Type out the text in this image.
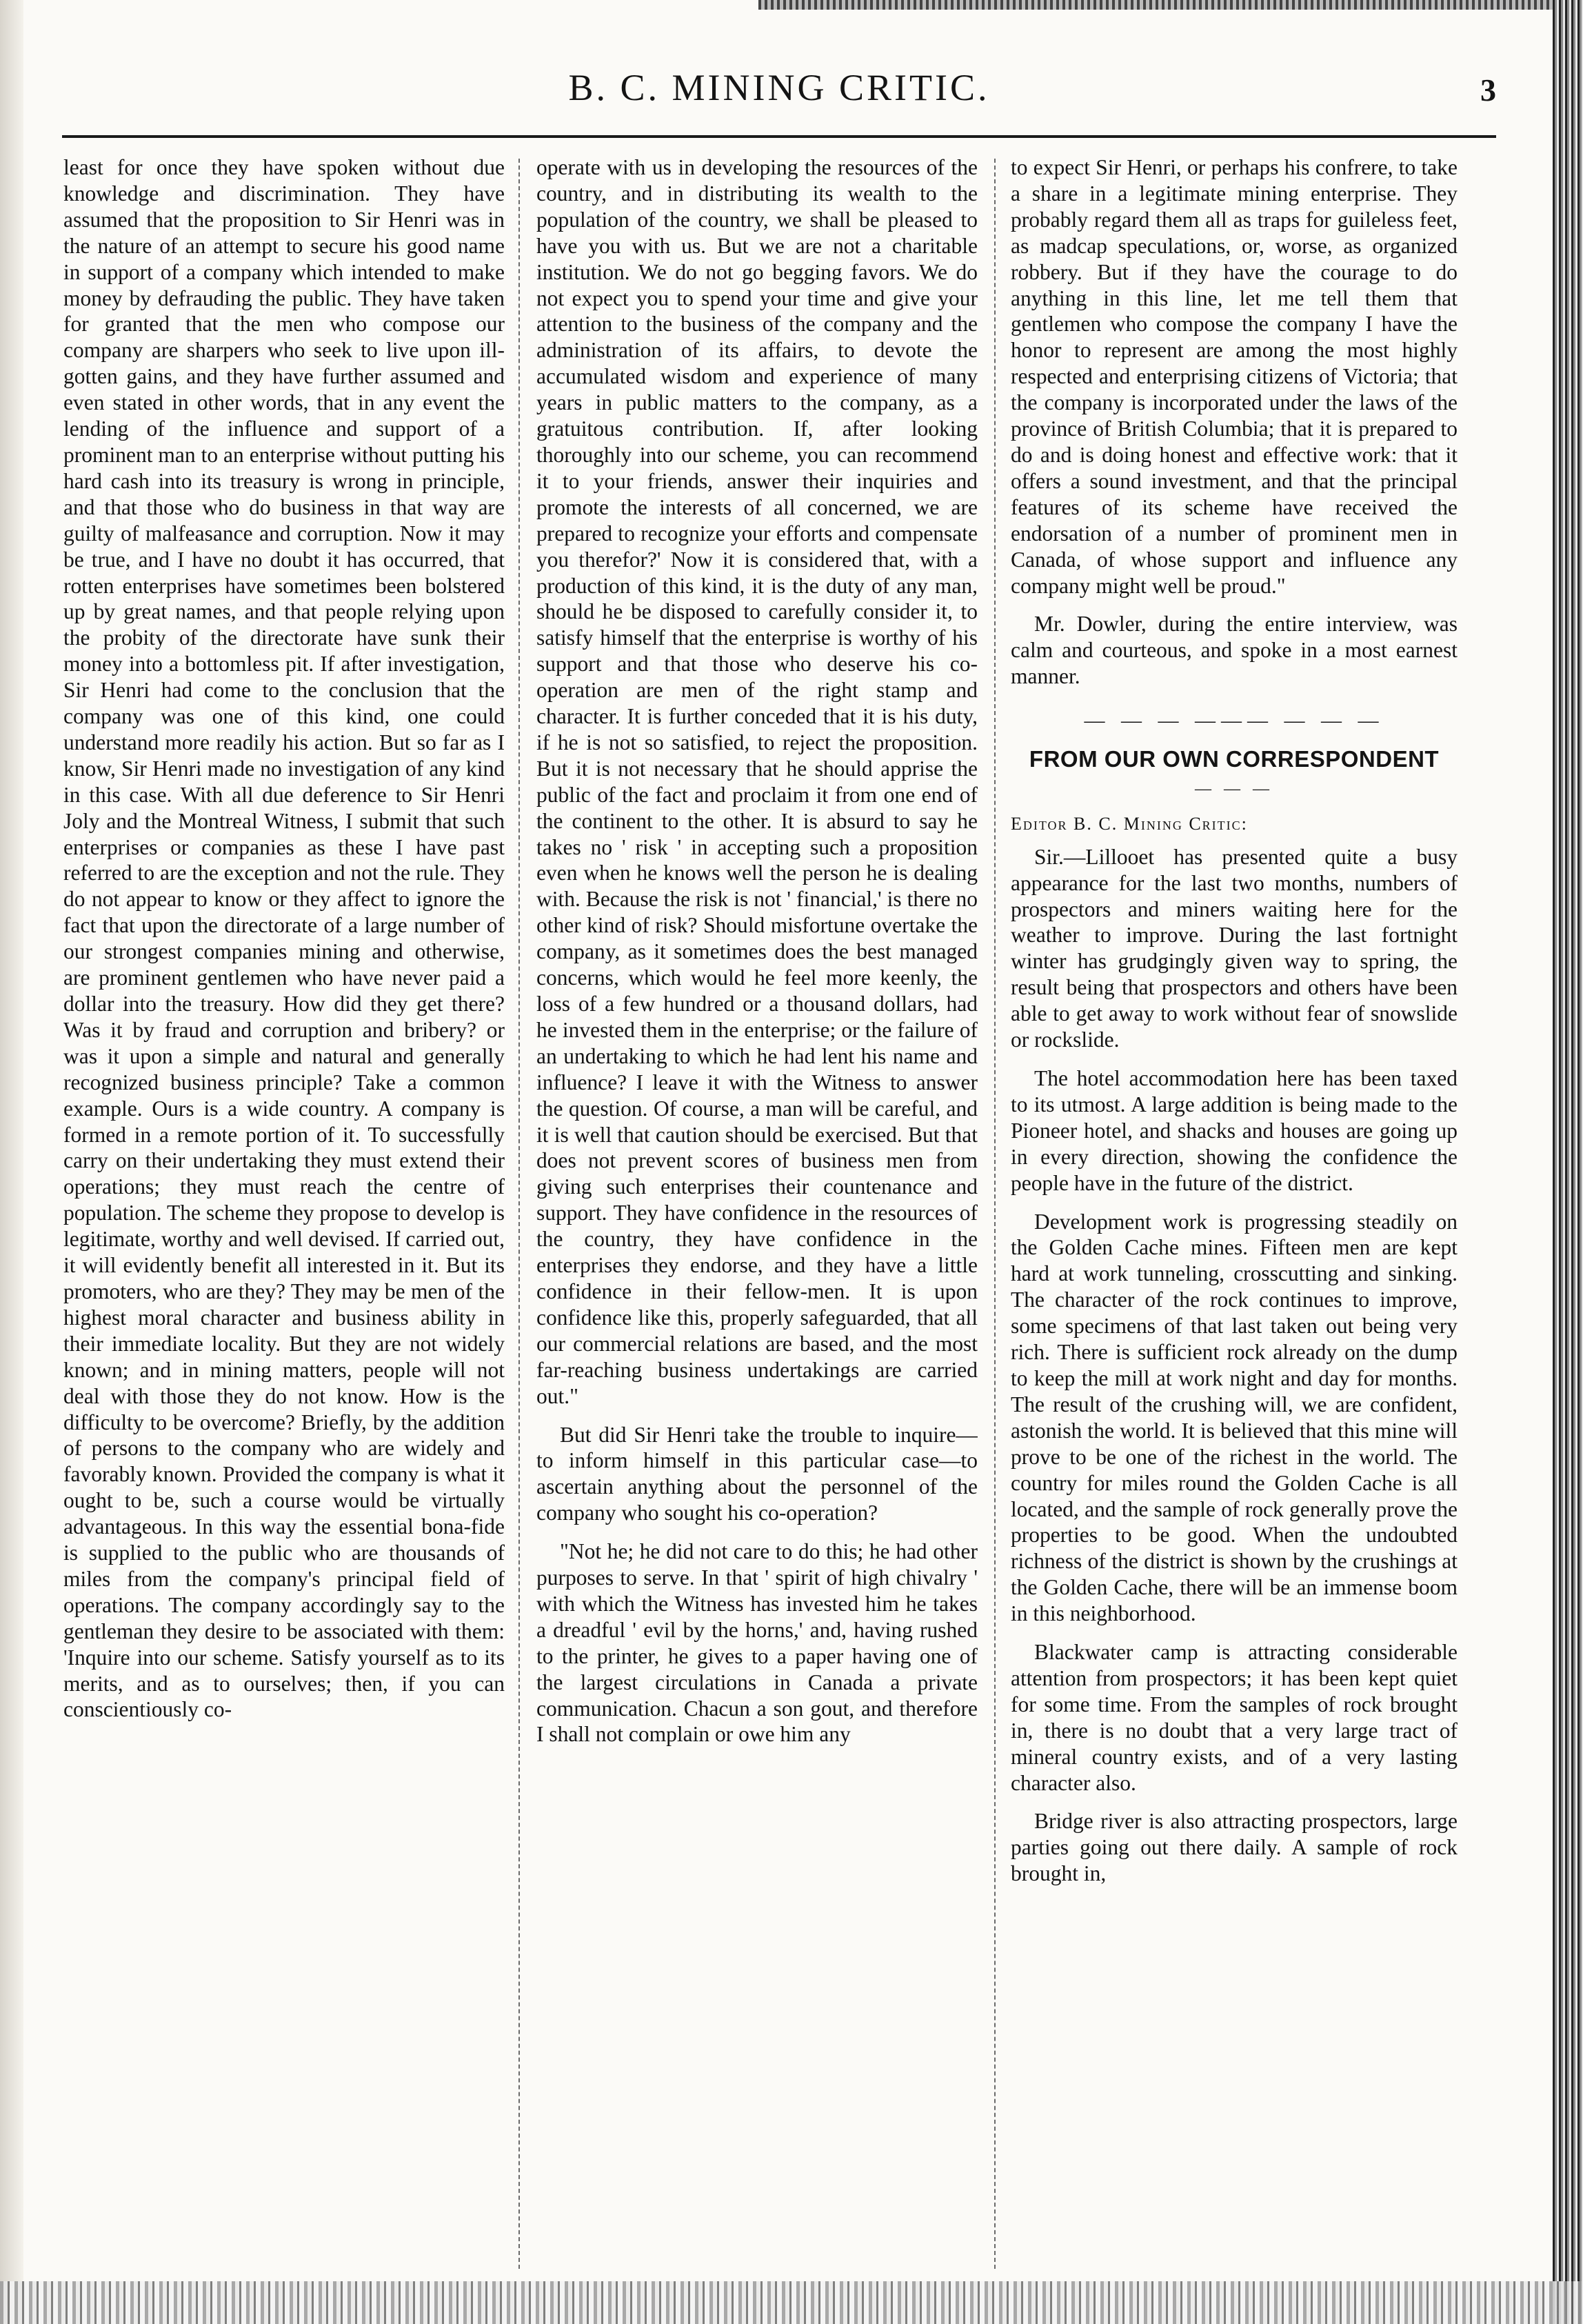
B. C. MINING CRITIC.	3

least for once they have spoken without due knowledge and discrimination. They have assumed that the proposition to Sir Henri was in the nature of an attempt to secure his good name in support of a company which intended to make money by defrauding the public. They have taken for granted that the men who compose our company are sharpers who seek to live upon ill-gotten gains, and they have further assumed and even stated in other words, that in any event the lending of the influence and support of a prominent man to an enterprise without putting his hard cash into its treasury is wrong in principle, and that those who do business in that way are guilty of malfeasance and corruption. Now it may be true, and I have no doubt it has occurred, that rotten enterprises have sometimes been bolstered up by great names, and that people relying upon the probity of the directorate have sunk their money into a bottomless pit. If after investigation, Sir Henri had come to the conclusion that the company was one of this kind, one could understand more readily his action. But so far as I know, Sir Henri made no investigation of any kind in this case. With all due deference to Sir Henri Joly and the Montreal Witness, I submit that such enterprises or companies as these I have past referred to are the exception and not the rule. They do not appear to know or they affect to ignore the fact that upon the directorate of a large number of our strongest companies mining and otherwise, are prominent gentlemen who have never paid a dollar into the treasury. How did they get there? Was it by fraud and corruption and bribery? or was it upon a simple and natural and generally recognized business principle? Take a common example. Ours is a wide country. A company is formed in a remote portion of it. To successfully carry on their undertaking they must extend their operations; they must reach the centre of population. The scheme they propose to develop is legitimate, worthy and well devised. If carried out, it will evidently benefit all interested in it. But its promoters, who are they? They may be men of the highest moral character and business ability in their immediate locality. But they are not widely known; and in mining matters, people will not deal with those they do not know. How is the difficulty to be overcome? Briefly, by the addition of persons to the company who are widely and favorably known. Provided the company is what it ought to be, such a course would be virtually advantageous. In this way the essential bona-fide is supplied to the public who are thousands of miles from the company's principal field of operations. The company accordingly say to the gentleman they desire to be associated with them: 'Inquire into our scheme. Satisfy yourself as to its merits, and as to ourselves; then, if you can conscientiously co-

operate with us in developing the resources of the country, and in distributing its wealth to the population of the country, we shall be pleased to have you with us. But we are not a charitable institution. We do not go begging favors. We do not expect you to spend your time and give your attention to the business of the company and the administration of its affairs, to devote the accumulated wisdom and experience of many years in public matters to the company, as a gratuitous contribution. If, after looking thoroughly into our scheme, you can recommend it to your friends, answer their inquiries and promote the interests of all concerned, we are prepared to recognize your efforts and compensate you therefor?' Now it is considered that, with a production of this kind, it is the duty of any man, should he be disposed to carefully consider it, to satisfy himself that the enterprise is worthy of his support and that those who deserve his co-operation are men of the right stamp and character. It is further conceded that it is his duty, if he is not so satisfied, to reject the proposition. But it is not necessary that he should apprise the public of the fact and proclaim it from one end of the continent to the other. It is absurd to say he takes no ' risk ' in accepting such a proposition even when he knows well the person he is dealing with. Because the risk is not ' financial,' is there no other kind of risk? Should misfortune overtake the company, as it sometimes does the best managed concerns, which would he feel more keenly, the loss of a few hundred or a thousand dollars, had he invested them in the enterprise; or the failure of an undertaking to which he had lent his name and influence? I leave it with the Witness to answer the question. Of course, a man will be careful, and it is well that caution should be exercised. But that does not prevent scores of business men from giving such enterprises their countenance and support. They have confidence in the resources of the country, they have confidence in the enterprises they endorse, and they have a little confidence in their fellow-men. It is upon confidence like this, properly safeguarded, that all our commercial relations are based, and the most far-reaching business undertakings are carried out."

But did Sir Henri take the trouble to inquire—to inform himself in this particular case—to ascertain anything about the personnel of the company who sought his co-operation?

"Not he; he did not care to do this; he had other purposes to serve. In that ' spirit of high chivalry ' with which the Witness has invested him he takes a dreadful ' evil by the horns,' and, having rushed to the printer, he gives to a paper having one of the largest circulations in Canada a private communication. Chacun a son gout, and therefore I shall not complain or owe him any

to expect Sir Henri, or perhaps his confrere, to take a share in a legitimate mining enterprise. They probably regard them all as traps for guileless feet, as madcap speculations, or, worse, as organized robbery. But if they have the courage to do anything in this line, let me tell them that gentlemen who compose the company I have the honor to represent are among the most highly respected and enterprising citizens of Victoria; that the company is incorporated under the laws of the province of British Columbia; that it is prepared to do and is doing honest and effective work: that it offers a sound investment, and that the principal features of its scheme have received the endorsation of a number of prominent men in Canada, of whose support and influence any company might well be proud."

Mr. Dowler, during the entire interview, was calm and courteous, and spoke in a most earnest manner.

— — — ——— — — —
FROM OUR OWN CORRESPONDENT
— — —
Editor B. C. Mining Critic:

Sir.—Lillooet has presented quite a busy appearance for the last two months, numbers of prospectors and miners waiting here for the weather to improve. During the last fortnight winter has grudgingly given way to spring, the result being that prospectors and others have been able to get away to work without fear of snowslide or rockslide.

The hotel accommodation here has been taxed to its utmost. A large addition is being made to the Pioneer hotel, and shacks and houses are going up in every direction, showing the confidence the people have in the future of the district.

Development work is progressing steadily on the Golden Cache mines. Fifteen men are kept hard at work tunneling, crosscutting and sinking. The character of the rock continues to improve, some specimens of that last taken out being very rich. There is sufficient rock already on the dump to keep the mill at work night and day for months. The result of the crushing will, we are confident, astonish the world. It is believed that this mine will prove to be one of the richest in the world. The country for miles round the Golden Cache is all located, and the sample of rock generally prove the properties to be good. When the undoubted richness of the district is shown by the crushings at the Golden Cache, there will be an immense boom in this neighborhood.

Blackwater camp is attracting considerable attention from prospectors; it has been kept quiet for some time. From the samples of rock brought in, there is no doubt that a very large tract of mineral country exists, and of a very lasting character also.

Bridge river is also attracting prospectors, large parties going out there daily. A sample of rock brought in,
